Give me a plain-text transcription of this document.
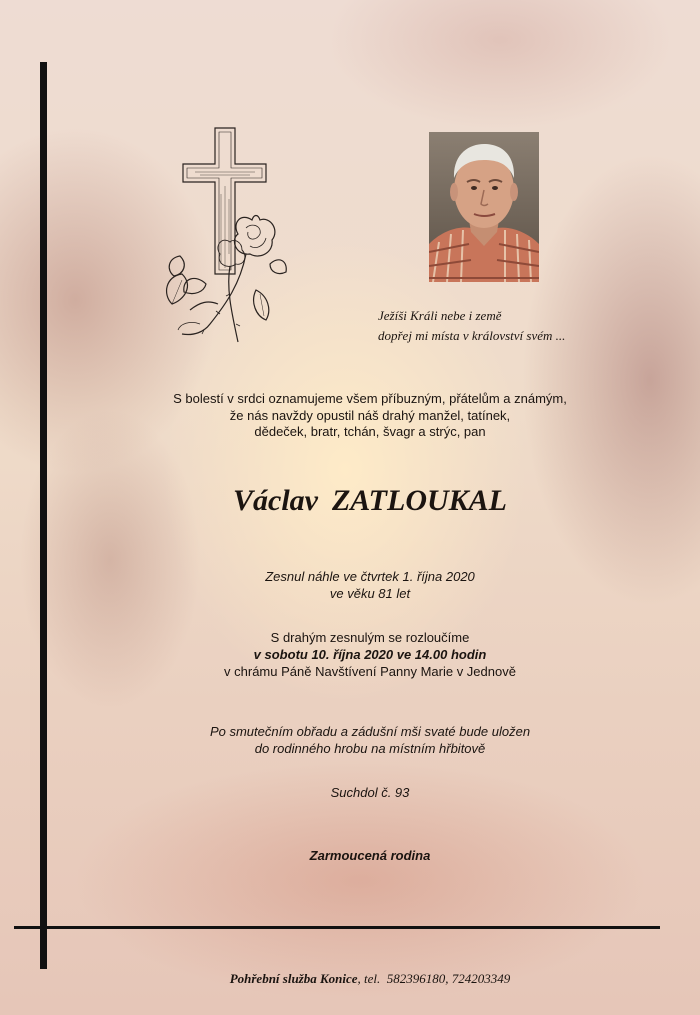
Ježíši Králi nebe i země
dopřej mi místa v království svém ...
S bolestí v srdci oznamujeme všem příbuzným, přátelům a známým,
že nás navždy opustil náš drahý manžel, tatínek,
dědeček, bratr, tchán, švagr a strýc, pan
Václav ZATLOUKAL
Zesnul náhle ve čtvrtek 1. října 2020
ve věku 81 let
S drahým zesnulým se rozloučíme
v sobotu 10. října 2020 ve 14.00 hodin
v chrámu Páně Navštívení Panny Marie v Jednově
Po smutečním obřadu a zádušní mši svaté bude uložen
do rodinného hrobu na místním hřbitově
Suchdol č. 93
Zarmoucená rodina
Pohřební služba Konice, tel.  582396180, 724203349
